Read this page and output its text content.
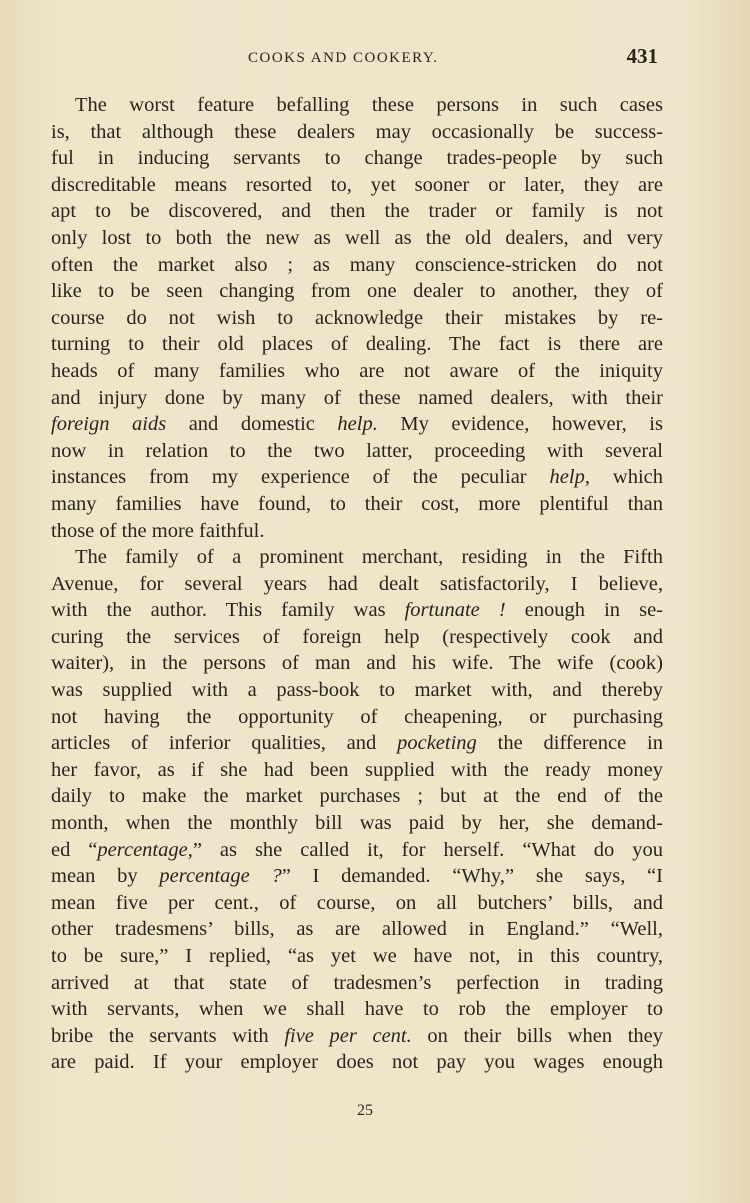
COOKS AND COOKERY.	431
The worst feature befalling these persons in such cases
is, that although these dealers may occasionally be success-
ful in inducing servants to change trades-people by such
discreditable means resorted to, yet sooner or later, they are
apt to be discovered, and then the trader or family is not
only lost to both the new as well as the old dealers, and very
often the market also ; as many conscience-stricken do not
like to be seen changing from one dealer to another, they of
course do not wish to acknowledge their mistakes by re-
turning to their old places of dealing. The fact is there are
heads of many families who are not aware of the iniquity
and injury done by many of these named dealers, with their
foreign aids and domestic help. My evidence, however, is
now in relation to the two latter, proceeding with several
instances from my experience of the peculiar help, which
many families have found, to their cost, more plentiful than
those of the more faithful.
The family of a prominent merchant, residing in the Fifth
Avenue, for several years had dealt satisfactorily, I believe,
with the author. This family was fortunate ! enough in se-
curing the services of foreign help (respectively cook and
waiter), in the persons of man and his wife. The wife (cook)
was supplied with a pass-book to market with, and thereby
not having the opportunity of cheapening, or purchasing
articles of inferior qualities, and pocketing the difference in
her favor, as if she had been supplied with the ready money
daily to make the market purchases ; but at the end of the
month, when the monthly bill was paid by her, she demand-
ed “percentage,” as she called it, for herself. “What do you
mean by percentage ?” I demanded. “Why,” she says, “I
mean five per cent., of course, on all butchers’ bills, and
other tradesmens’ bills, as are allowed in England.” “Well,
to be sure,” I replied, “as yet we have not, in this country,
arrived at that state of tradesmen’s perfection in trading
with servants, when we shall have to rob the employer to
bribe the servants with five per cent. on their bills when they
are paid. If your employer does not pay you wages enough
25
